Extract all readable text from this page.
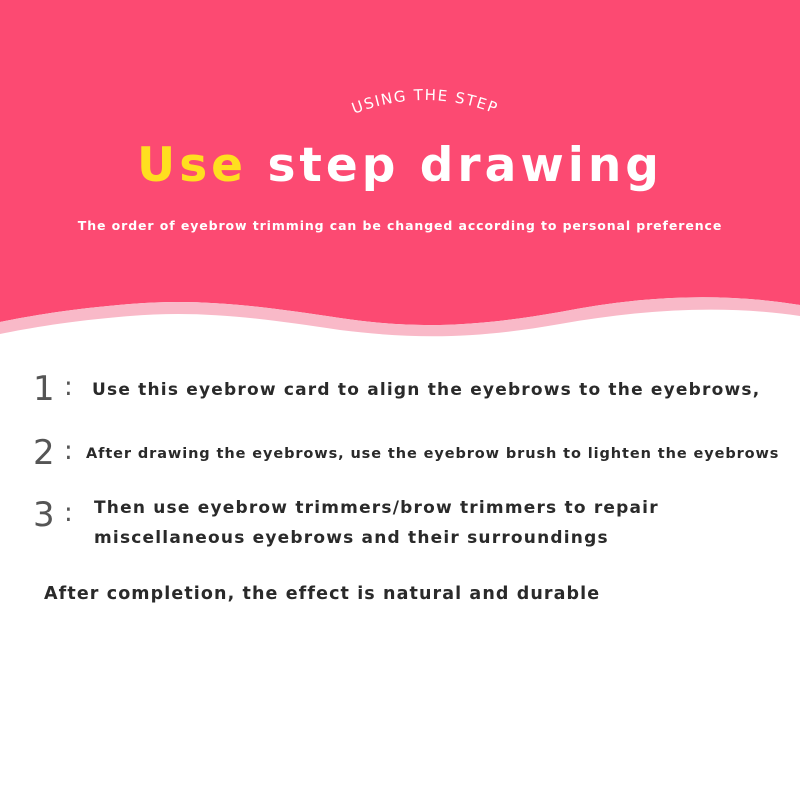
USING THE STEP
Use step drawing
The order of eyebrow trimming can be changed according to personal preference
1 : Use this eyebrow card to align the eyebrows to the eyebrows,
2 : After drawing the eyebrows, use the eyebrow brush to lighten the eyebrows
3 : Then use eyebrow trimmers/brow trimmers to repair
miscellaneous eyebrows and their surroundings
After completion, the effect is natural and durable
